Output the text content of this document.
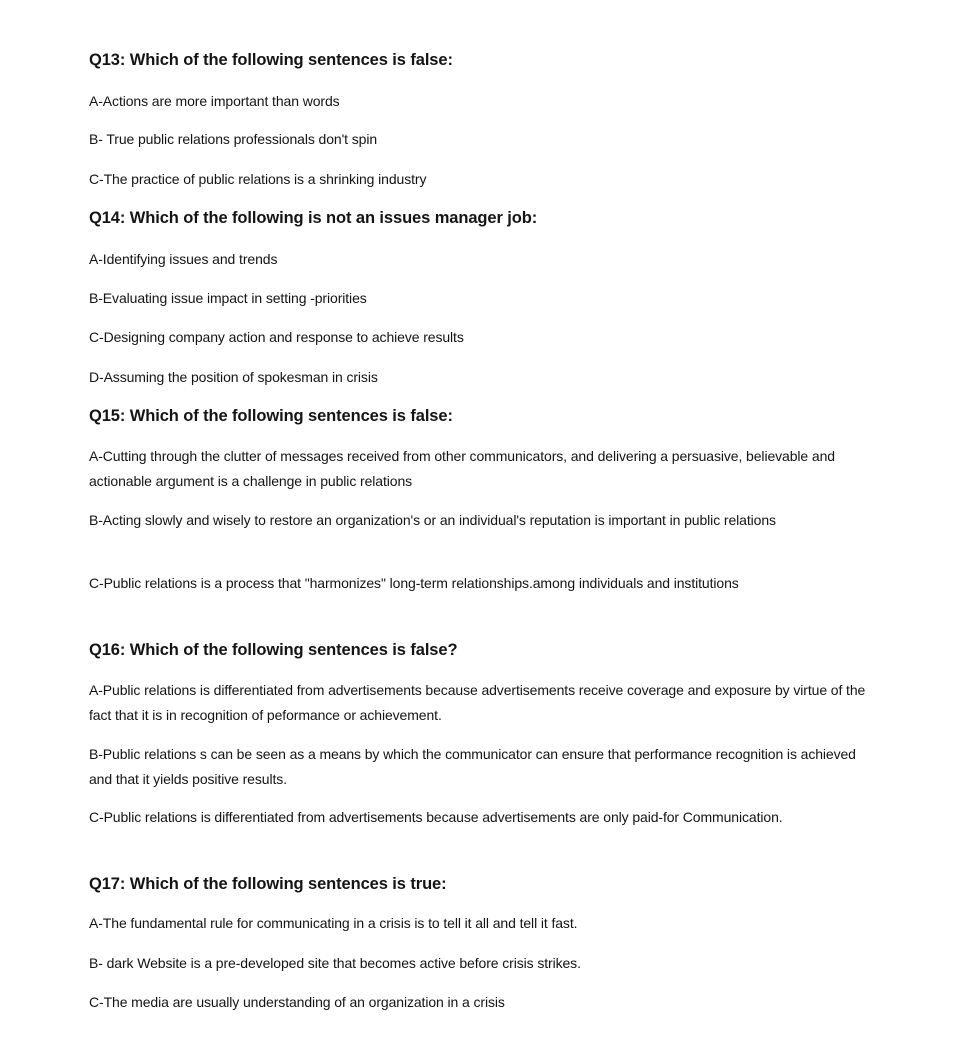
Q13: Which of the following sentences is false:
A-Actions are more important than words
B- True public relations professionals don't spin
C-The practice of public relations is a shrinking industry
Q14: Which of the following is not an issues manager job:
A-Identifying issues and trends
B-Evaluating issue impact in setting -priorities
C-Designing company action and response to achieve results
D-Assuming the position of spokesman in crisis
Q15: Which of the following sentences is false:
A-Cutting through the clutter of messages received from other communicators, and delivering a persuasive, believable and actionable argument is a challenge in public relations
B-Acting slowly and wisely to restore an organization's or an individual's reputation is important in public relations
C-Public relations is a process that "harmonizes" long-term relationships.among individuals and institutions
Q16: Which of the following sentences is false?
A-Public relations is differentiated from advertisements because advertisements receive coverage and exposure by virtue of the fact that it is in recognition of peformance or achievement.
B-Public relations s can be seen as a means by which the communicator can ensure that performance recognition is achieved and that it yields positive results.
C-Public relations is differentiated from advertisements because advertisements are only paid-for Communication.
Q17: Which of the following sentences is true:
A-The fundamental rule for communicating in a crisis is to tell it all and tell it fast.
B- dark Website is a pre-developed site that becomes active before crisis strikes.
C-The media are usually understanding of an organization in a crisis
